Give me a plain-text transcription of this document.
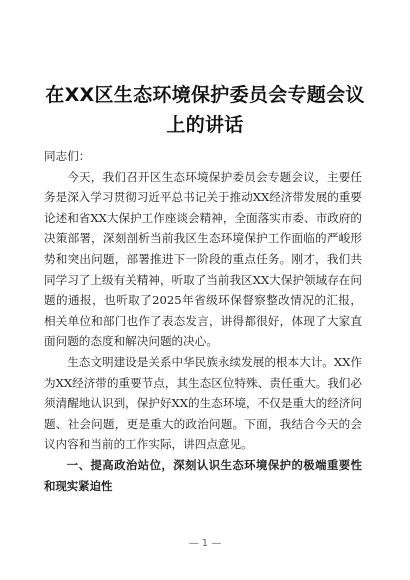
在XX区生态环境保护委员会专题会议上的讲话

同志们：

今天，我们召开区生态环境保护委员会专题会议，主要任务是深入学习贯彻习近平总书记关于推动XX经济带发展的重要论述和省XX大保护工作座谈会精神，全面落实市委、市政府的决策部署，深刻剖析当前我区生态环境保护工作面临的严峻形势和突出问题，部署推进下一阶段的重点任务。刚才，我们共同学习了上级有关精神，听取了当前我区XX大保护领域存在问题的通报，也听取了2025年省级环保督察整改情况的汇报，相关单位和部门也作了表态发言，讲得都很好，体现了大家直面问题的态度和解决问题的决心。

生态文明建设是关系中华民族永续发展的根本大计。XX作为XX经济带的重要节点，其生态区位特殊、责任重大。我们必须清醒地认识到，保护好XX的生态环境，不仅是重大的经济问题、社会问题，更是重大的政治问题。下面，我结合今天的会议内容和当前的工作实际，讲四点意见。

一、提高政治站位，深刻认识生态环境保护的极端重要性和现实紧迫性

— 1 —
